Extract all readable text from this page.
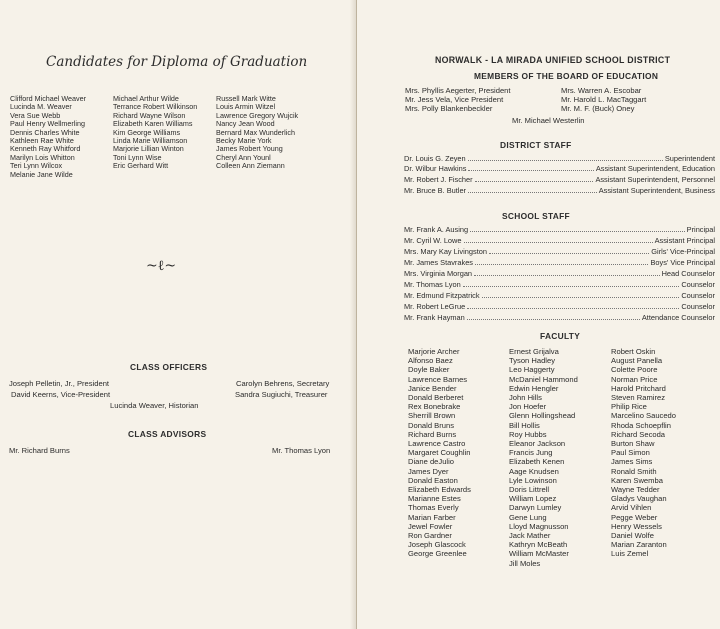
Candidates for Diploma of Graduation
Clifford Michael Weaver
Lucinda M. Weaver
Vera Sue Webb
Paul Henry Wellmerling
Dennis Charles White
Kathleen Rae White
Kenneth Ray Whitford
Marilyn Lois Whitton
Teri Lynn Wilcox
Melanie Jane Wilde
Michael Arthur Wilde
Terrance Robert Wilkinson
Richard Wayne Wilson
Elizabeth Karen Williams
Kim George Williams
Linda Marie Williamson
Marjorie Lillian Winton
Toni Lynn Wise
Eric Gerhard Witt
Russell Mark Witte
Louis Armin Witzel
Lawrence Gregory Wujcik
Nancy Jean Wood
Bernard Max Wunderlich
Becky Marie York
James Robert Young
Cheryl Ann Younl
Colleen Ann Ziemann
~ℓ~
CLASS OFFICERS
Joseph Pelletin, Jr., President	Carolyn Behrens, Secretary
David Keerns, Vice-President	Sandra Sugiuchi, Treasurer
Lucinda Weaver, Historian
CLASS ADVISORS
Mr. Richard Burns	Mr. Thomas Lyon
NORWALK - LA MIRADA UNIFIED SCHOOL DISTRICT
MEMBERS OF THE BOARD OF EDUCATION
Mrs. Phyllis Aegerter, President
Mr. Jess Vela, Vice President
Mrs. Polly Blankenbeckler
Mrs. Warren A. Escobar
Mr. Harold L. MacTaggart
Mr. M. F. (Buck) Oney
Mr. Michael Westerlin
DISTRICT STAFF
Dr. Louis G. Zeyen	Superintendent
Dr. Wilbur Hawkins	Assistant Superintendent, Education
Mr. Robert J. Fischer	Assistant Superintendent, Personnel
Mr. Bruce B. Butler	Assistant Superintendent, Business
SCHOOL STAFF
Mr. Frank A. Ausing	Principal
Mr. Cyril W. Lowe	Assistant Principal
Mrs. Mary Kay Livingston	Girls' Vice-Principal
Mr. James Stavrakes	Boys' Vice Principal
Mrs. Virginia Morgan	Head Counselor
Mr. Thomas Lyon	Counselor
Mr. Edmund Fitzpatrick	Counselor
Mr. Robert LeGrue	Counselor
Mr. Frank Hayman	Attendance Counselor
FACULTY
Marjorie Archer
Alfonso Baez
Doyle Baker
Lawrence Barnes
Janice Bender
Donald Berberet
Rex Bonebrake
Sherrill Brown
Donald Bruns
Richard Burns
Lawrence Castro
Margaret Coughlin
Diane deJulio
James Dyer
Donald Easton
Elizabeth Edwards
Marianne Estes
Thomas Everly
Marian Farber
Jewel Fowler
Ron Gardner
Joseph Glascock
George Greenlee
Ernest Grijalva
Tyson Hadley
Leo Haggerty
McDaniel Hammond
Edwin Hengler
John Hills
Jon Hoefer
Glenn Hollingshead
Bill Hollis
Roy Hubbs
Eleanor Jackson
Francis Jung
Elizabeth Kenen
Aage Knudsen
Lyle Lowinson
Doris Littrell
William Lopez
Darwyn Lumley
Gene Lung
Lloyd Magnusson
Jack Mather
Kathryn McBeath
William McMaster
Jill Moles
Robert Oskin
August Panella
Colette Poore
Norman Price
Harold Pritchard
Steven Ramirez
Philip Rice
Marcelino Saucedo
Rhoda Schoepflin
Richard Secoda
Burton Shaw
Paul Simon
James Sims
Ronald Smith
Karen Swemba
Wayne Tedder
Gladys Vaughan
Arvid Vihlen
Pegge Weber
Henry Wessels
Daniel Wolfe
Marian Zaranton
Luis Zemel
